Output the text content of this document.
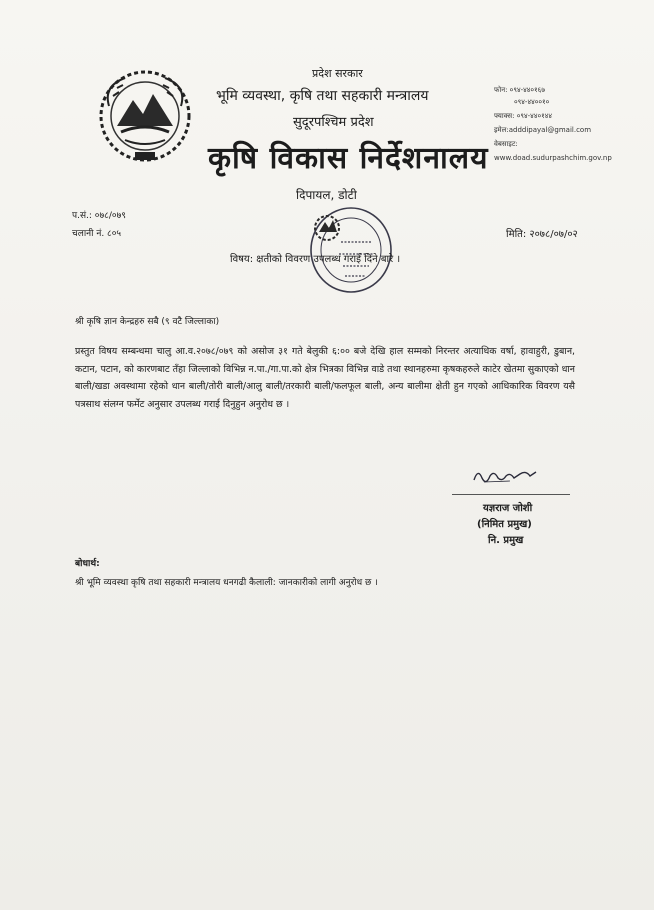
प्रदेश सरकार
भूमि व्यवस्था, कृषि तथा सहकारी मन्त्रालय
सुदूरपश्चिम प्रदेश
कृषि विकास निर्देशनालय
दिपायल, डोटी
फोन: ०९४-४४०१६७
०९४-४४००१०
फ्याक्स: ०९४-४४०१४४
इमेल:adddipayal@gmail.com
वेबसाइट:
www.doad.sudurpashchim.gov.np
प.सं.: ०७८/०७९
चलानी नं. ८०५	मिति: २०७८/०७/०२
विषय: क्षतीको विवरण उपलब्ध गराई दिने बारे ।
श्री कृषि ज्ञान केन्द्रहरु सबै (९ वटै जिल्लाका)
प्रस्तुत विषय सम्बन्धमा चालु आ.व.२०७८/०७९ को असोज ३१ गते बेलुकी ६:०० बजे देखि हाल सम्मको निरन्तर अत्याधिक वर्षा, हावाहुरी, डुबान, कटान, पटान, को कारणबाट तँहा जिल्लाको विभिन्न न.पा./गा.पा.को क्षेत्र भित्रका विभिन्न वाडे तथा स्थानहरुमा कृषकहरुले काटेर खेतमा सुकाएको धान बाली/खडा अवस्थामा रहेको धान बाली/तोरी बाली/आलु बाली/तरकारी बाली/फलफूल बाली, अन्य बालीमा क्षेती हुन गएको आधिकारिक विवरण यसै पत्रसाथ संलग्न फर्मेट अनुसार उपलब्ध गराई दिनुहुन अनुरोध छ ।
यज्ञराज जोशी
(निमित प्रमुख)
नि. प्रमुख
बोधार्थ:
श्री भूमि व्यवस्था कृषि तथा सहकारी मन्त्रालय धनगढी कैलाली: जानकारीको लागी अनुरोध छ ।
